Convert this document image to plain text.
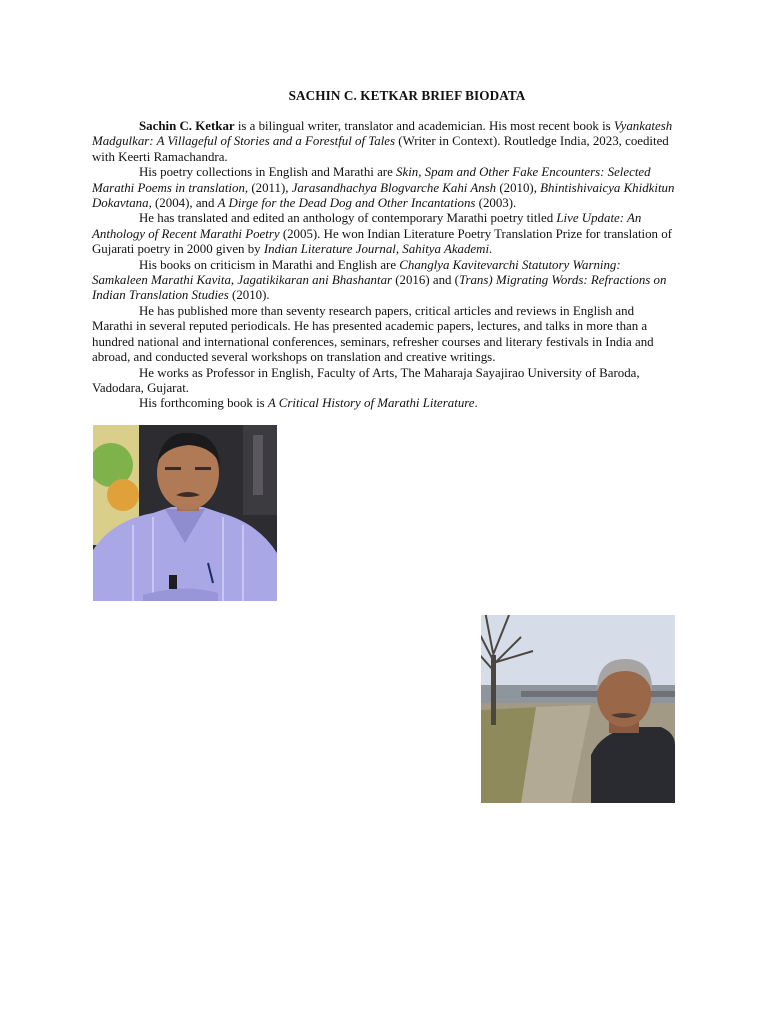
SACHIN C. KETKAR BRIEF BIODATA

Sachin C. Ketkar is a bilingual writer, translator and academician. His most recent book is Vyankatesh Madgulkar: A Villageful of Stories and a Forestful of Tales (Writer in Context). Routledge India, 2023, coedited with Keerti Ramachandra.

His poetry collections in English and Marathi are Skin, Spam and Other Fake Encounters: Selected Marathi Poems in translation, (2011), Jarasandhachya Blogvarche Kahi Ansh (2010), Bhintishivaicya Khidkitun Dokavtana, (2004), and A Dirge for the Dead Dog and Other Incantations (2003).

He has translated and edited an anthology of contemporary Marathi poetry titled Live Update: An Anthology of Recent Marathi Poetry (2005). He won Indian Literature Poetry Translation Prize for translation of Gujarati poetry in 2000 given by Indian Literature Journal, Sahitya Akademi.

His books on criticism in Marathi and English are Changlya Kavitevarchi Statutory Warning: Samkaleen Marathi Kavita, Jagatikikaran ani Bhashantar (2016) and (Trans) Migrating Words: Refractions on Indian Translation Studies (2010).

He has published more than seventy research papers, critical articles and reviews in English and Marathi in several reputed periodicals. He has presented academic papers, lectures, and talks in more than a hundred national and international conferences, seminars, refresher courses and literary festivals in India and abroad, and conducted several workshops on translation and creative writings.

He works as Professor in English, Faculty of Arts, The Maharaja Sayajirao University of Baroda, Vadodara, Gujarat.

His forthcoming book is A Critical History of Marathi Literature.
